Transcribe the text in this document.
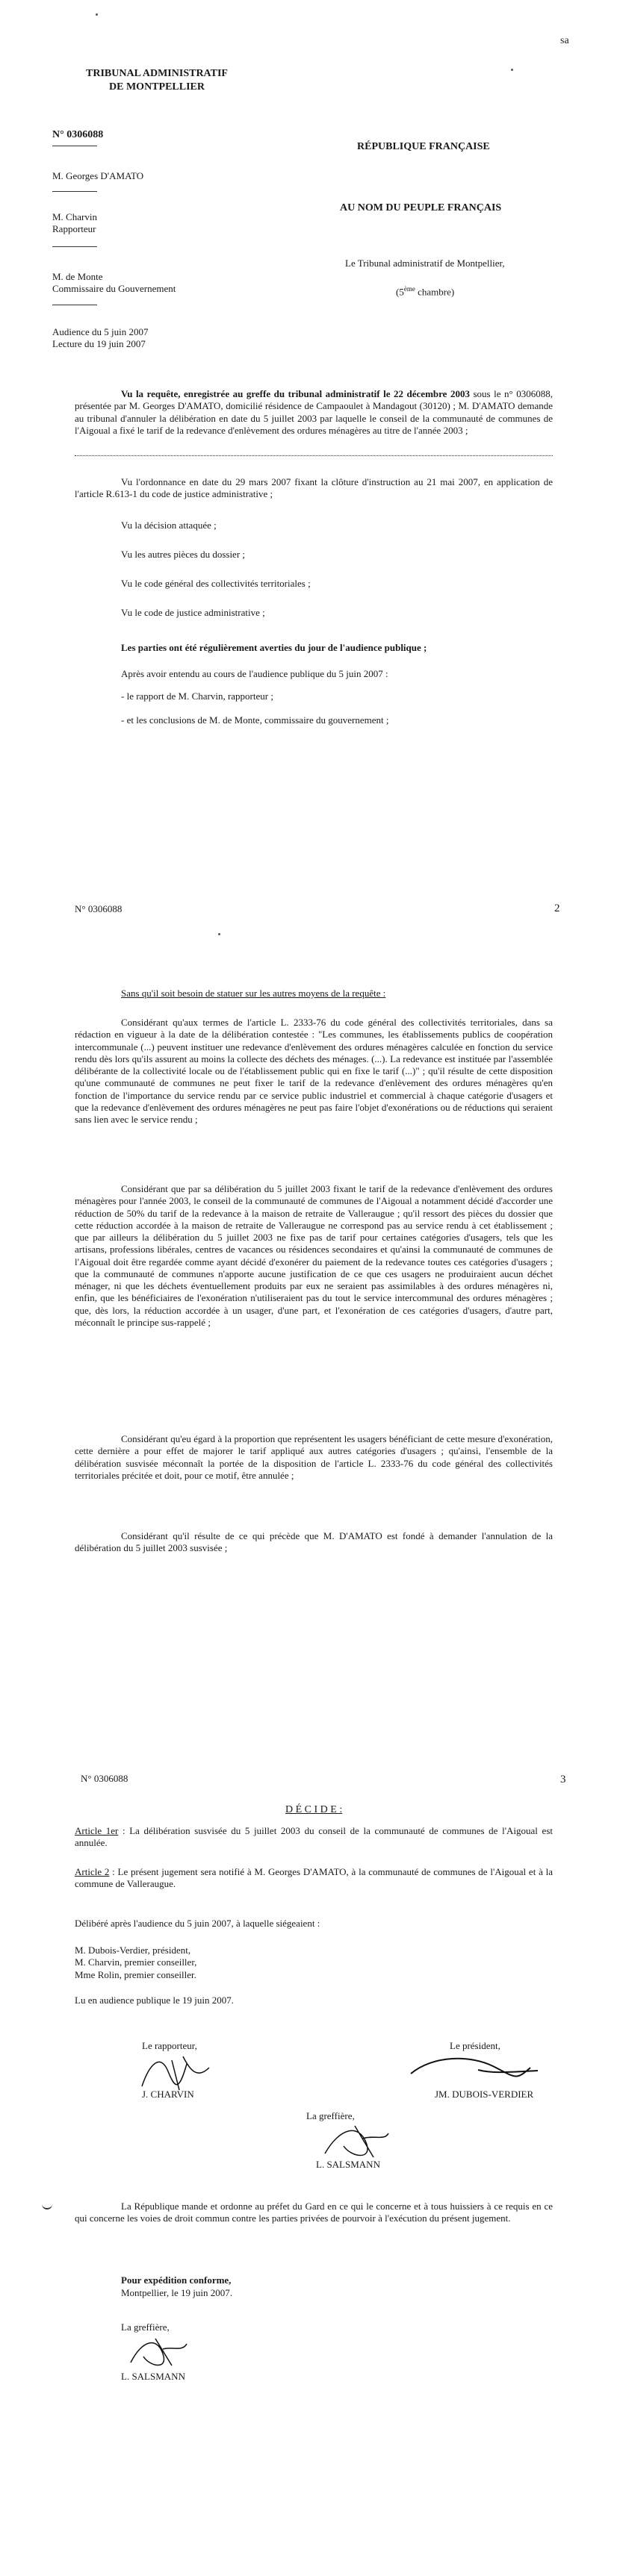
sa
TRIBUNAL ADMINISTRATIF
DE MONTPELLIER
N° 0306088
M. Georges D'AMATO
M. Charvin
Rapporteur
M. de Monte
Commissaire du Gouvernement
Audience du 5 juin 2007
Lecture du 19 juin 2007
RÉPUBLIQUE FRANÇAISE
AU NOM DU PEUPLE FRANÇAIS
Le Tribunal administratif de Montpellier,
(5ème chambre)

Vu la requête, enregistrée au greffe du tribunal administratif le 22 décembre 2003 sous le n° 0306088, présentée par M. Georges D'AMATO, domicilié résidence de Campaoulet à Mandagout (30120) ; M. D'AMATO demande au tribunal d'annuler la délibération en date du 5 juillet 2003 par laquelle le conseil de la communauté de communes de l'Aigoual a fixé le tarif de la redevance d'enlèvement des ordures ménagères au titre de l'année 2003 ;

Vu l'ordonnance en date du 29 mars 2007 fixant la clôture d'instruction au 21 mai 2007, en application de l'article R.613-1 du code de justice administrative ;

Vu la décision attaquée ;
Vu les autres pièces du dossier ;
Vu le code général des collectivités territoriales ;
Vu le code de justice administrative ;
Les parties ont été régulièrement averties du jour de l'audience publique ;
Après avoir entendu au cours de l'audience publique du 5 juin 2007 :
- le rapport de M. Charvin, rapporteur ;
- et les conclusions de M. de Monte, commissaire du gouvernement ;
N° 0306088	2
Sans qu'il soit besoin de statuer sur les autres moyens de la requête :

Considérant qu'aux termes de l'article L. 2333-76 du code général des collectivités territoriales, dans sa rédaction en vigueur à la date de la délibération contestée : "Les communes, les établissements publics de coopération intercommunale (...) peuvent instituer une redevance d'enlèvement des ordures ménagères calculée en fonction du service rendu dès lors qu'ils assurent au moins la collecte des déchets des ménages. (...). La redevance est instituée par l'assemblée délibérante de la collectivité locale ou de l'établissement public qui en fixe le tarif (...)" ; qu'il résulte de cette disposition qu'une communauté de communes ne peut fixer le tarif de la redevance d'enlèvement des ordures ménagères qu'en fonction de l'importance du service rendu par ce service public industriel et commercial à chaque catégorie d'usagers et que la redevance d'enlèvement des ordures ménagères ne peut pas faire l'objet d'exonérations ou de réductions qui seraient sans lien avec le service rendu ;

Considérant que par sa délibération du 5 juillet 2003 fixant le tarif de la redevance d'enlèvement des ordures ménagères pour l'année 2003, le conseil de la communauté de communes de l'Aigoual a notamment décidé d'accorder une réduction de 50% du tarif de la redevance à la maison de retraite de Valleraugue ; qu'il ressort des pièces du dossier que cette réduction accordée à la maison de retraite de Valleraugue ne correspond pas au service rendu à cet établissement ; que par ailleurs la délibération du 5 juillet 2003 ne fixe pas de tarif pour certaines catégories d'usagers, tels que les artisans, professions libérales, centres de vacances ou résidences secondaires et qu'ainsi la communauté de communes de l'Aigoual doit être regardée comme ayant décidé d'exonérer du paiement de la redevance toutes ces catégories d'usagers ; que la communauté de communes n'apporte aucune justification de ce que ces usagers ne produiraient aucun déchet ménager, ni que les déchets éventuellement produits par eux ne seraient pas assimilables à des ordures ménagères ni, enfin, que les bénéficiaires de l'exonération n'utiliseraient pas du tout le service intercommunal des ordures ménagères ; que, dès lors, la réduction accordée à un usager, d'une part, et l'exonération de ces catégories d'usagers, d'autre part, méconnaît le principe sus-rappelé ;

Considérant qu'eu égard à la proportion que représentent les usagers bénéficiant de cette mesure d'exonération, cette dernière a pour effet de majorer le tarif appliqué aux autres catégories d'usagers ; qu'ainsi, l'ensemble de la délibération susvisée méconnaît la portée de la disposition de l'article L. 2333-76 du code général des collectivités territoriales précitée et doit, pour ce motif, être annulée ;

Considérant qu'il résulte de ce qui précède que M. D'AMATO est fondé à demander l'annulation de la délibération du 5 juillet 2003 susvisée ;

N° 0306088	3
D É C I D E :

Article 1er : La délibération susvisée du 5 juillet 2003 du conseil de la communauté de communes de l'Aigoual est annulée.

Article 2 : Le présent jugement sera notifié à M. Georges D'AMATO, à la communauté de communes de l'Aigoual et à la commune de Valleraugue.

Délibéré après l'audience du 5 juin 2007, à laquelle siégeaient :
M. Dubois-Verdier, président,
M. Charvin, premier conseiller,
Mme Rolin, premier conseiller.
Lu en audience publique le 19 juin 2007.
Le rapporteur,
J. CHARVIN
Le président,
JM. DUBOIS-VERDIER
La greffière,
L. SALSMANN

La République mande et ordonne au préfet du Gard en ce qui le concerne et à tous huissiers à ce requis en ce qui concerne les voies de droit commun contre les parties privées de pourvoir à l'exécution du présent jugement.

Pour expédition conforme,
Montpellier, le 19 juin 2007.
La greffière,
L. SALSMANN
